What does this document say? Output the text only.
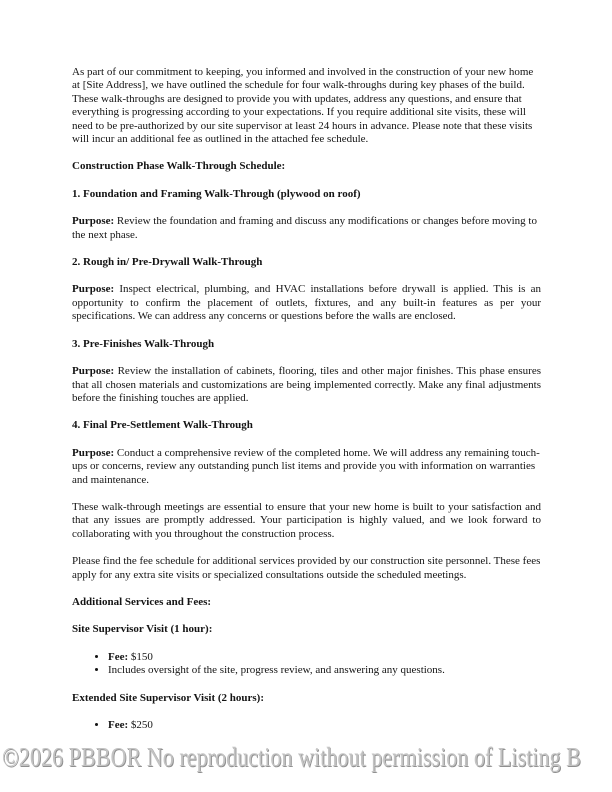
As part of our commitment to keeping, you informed and involved in the construction of your new home at [Site Address], we have outlined the schedule for four walk-throughs during key phases of the build. These walk-throughs are designed to provide you with updates, address any questions, and ensure that everything is progressing according to your expectations. If you require additional site visits, these will need to be pre-authorized by our site supervisor at least 24 hours in advance. Please note that these visits will incur an additional fee as outlined in the attached fee schedule.

Construction Phase Walk-Through Schedule:

1. Foundation and Framing Walk-Through (plywood on roof)

Purpose: Review the foundation and framing and discuss any modifications or changes before moving to the next phase.

2. Rough in/ Pre-Drywall Walk-Through

Purpose: Inspect electrical, plumbing, and HVAC installations before drywall is applied. This is an opportunity to confirm the placement of outlets, fixtures, and any built-in features as per your specifications. We can address any concerns or questions before the walls are enclosed.

3. Pre-Finishes Walk-Through

Purpose: Review the installation of cabinets, flooring, tiles and other major finishes. This phase ensures that all chosen materials and customizations are being implemented correctly. Make any final adjustments before the finishing touches are applied.

4. Final Pre-Settlement Walk-Through

Purpose: Conduct a comprehensive review of the completed home. We will address any remaining touch-ups or concerns, review any outstanding punch list items and provide you with information on warranties and maintenance.

These walk-through meetings are essential to ensure that your new home is built to your satisfaction and that any issues are promptly addressed. Your participation is highly valued, and we look forward to collaborating with you throughout the construction process.

Please find the fee schedule for additional services provided by our construction site personnel. These fees apply for any extra site visits or specialized consultations outside the scheduled meetings.

Additional Services and Fees:

Site Supervisor Visit (1 hour):

• Fee: $150
• Includes oversight of the site, progress review, and answering any questions.

Extended Site Supervisor Visit (2 hours):

• Fee: $250
©2026 PBBOR No reproduction without permission of Listing B
